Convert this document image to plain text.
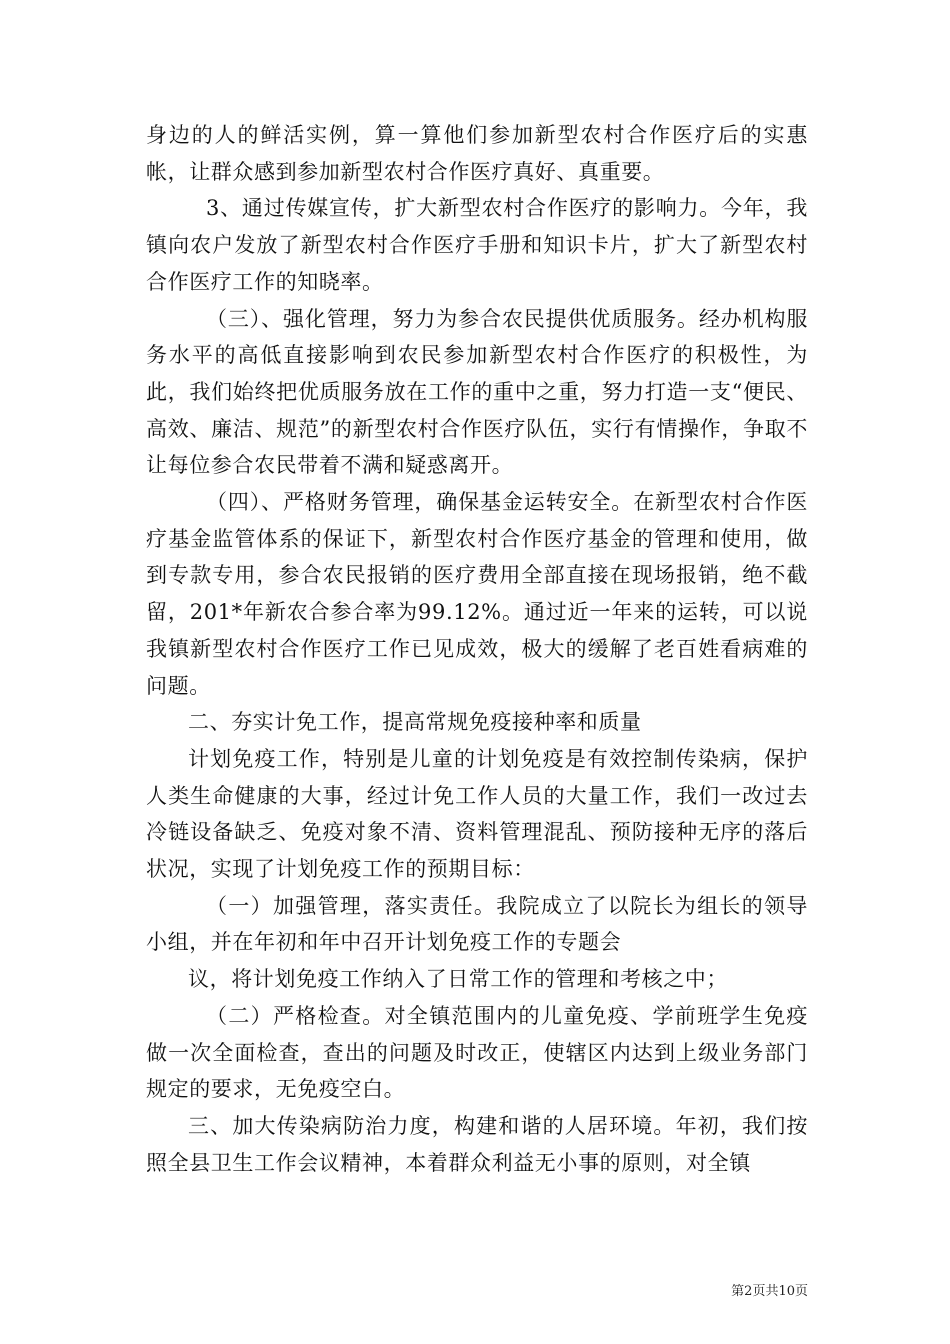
身边的人的鲜活实例，算一算他们参加新型农村合作医疗后的实惠帐，让群众感到参加新型农村合作医疗真好、真重要。

3、通过传媒宣传，扩大新型农村合作医疗的影响力。今年，我镇向农户发放了新型农村合作医疗手册和知识卡片，扩大了新型农村合作医疗工作的知晓率。

（三）、强化管理，努力为参合农民提供优质服务。经办机构服务水平的高低直接影响到农民参加新型农村合作医疗的积极性，为此，我们始终把优质服务放在工作的重中之重，努力打造一支“便民、高效、廉洁、规范”的新型农村合作医疗队伍，实行有情操作，争取不让每位参合农民带着不满和疑惑离开。

（四）、严格财务管理，确保基金运转安全。在新型农村合作医疗基金监管体系的保证下，新型农村合作医疗基金的管理和使用，做到专款专用，参合农民报销的医疗费用全部直接在现场报销，绝不截留，201*年新农合参合率为99.12%。通过近一年来的运转，可以说我镇新型农村合作医疗工作已见成效，极大的缓解了老百姓看病难的问题。

二、夯实计免工作，提高常规免疫接种率和质量

计划免疫工作，特别是儿童的计划免疫是有效控制传染病，保护人类生命健康的大事，经过计免工作人员的大量工作，我们一改过去冷链设备缺乏、免疫对象不清、资料管理混乱、预防接种无序的落后状况，实现了计划免疫工作的预期目标：

（一）加强管理，落实责任。我院成立了以院长为组长的领导小组，并在年初和年中召开计划免疫工作的专题会

议，将计划免疫工作纳入了日常工作的管理和考核之中；

（二）严格检查。对全镇范围内的儿童免疫、学前班学生免疫做一次全面检查，查出的问题及时改正，使辖区内达到上级业务部门规定的要求，无免疫空白。

三、加大传染病防治力度，构建和谐的人居环境。年初，我们按照全县卫生工作会议精神，本着群众利益无小事的原则，对全镇

第2页共10页
